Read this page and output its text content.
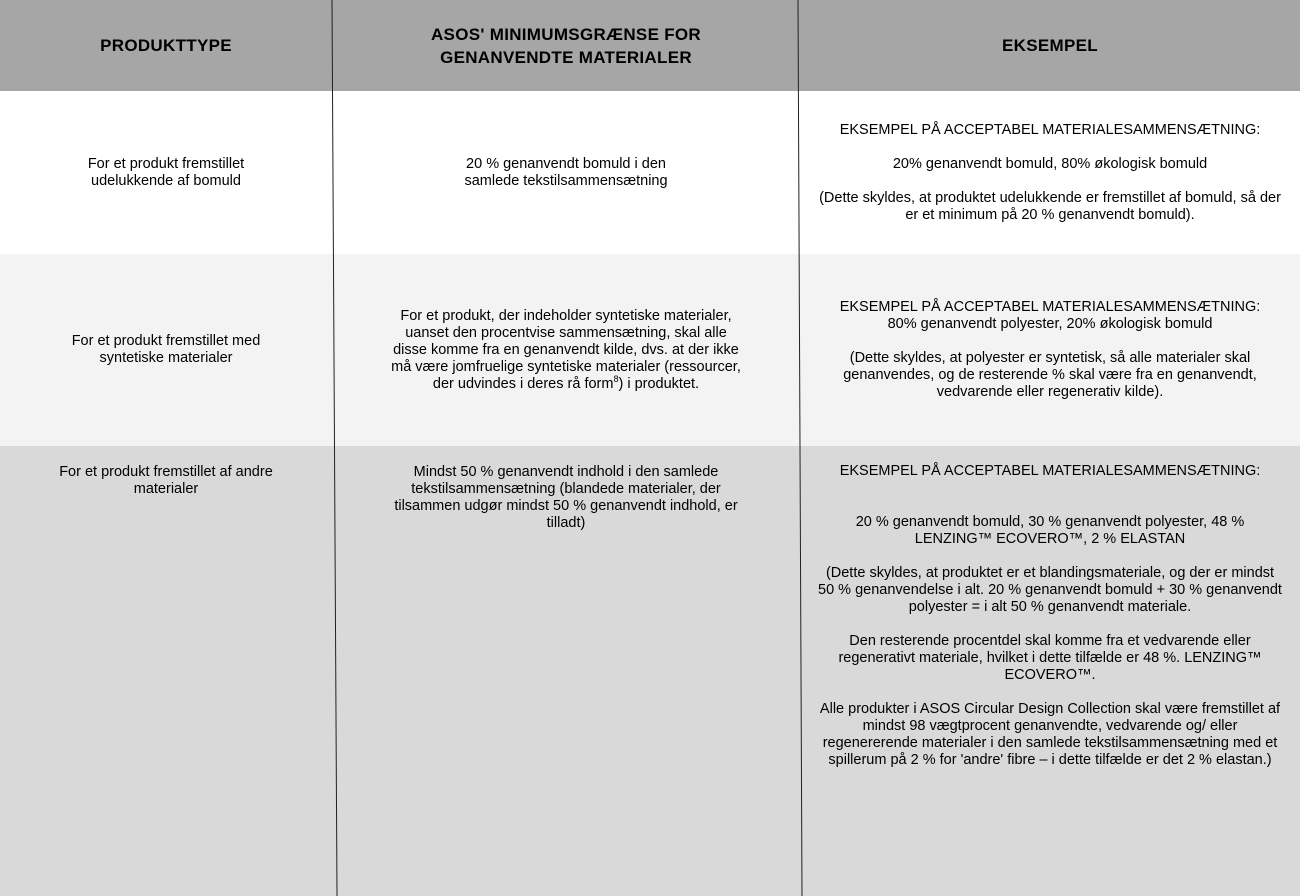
PRODUKTTYPE
ASOS' MINIMUMSGRÆNSE FOR
GENANVENDTE MATERIALER
EKSEMPEL
For et produkt fremstillet udelukkende af bomuld
20 % genanvendt bomuld i den samlede tekstilsammensætning
EKSEMPEL PÅ ACCEPTABEL MATERIALESAMMENSÆTNING:
20% genanvendt bomuld, 80% økologisk bomuld
(Dette skyldes, at produktet udelukkende er fremstillet af bomuld, så der er et minimum på 20 % genanvendt bomuld).
For et produkt fremstillet med syntetiske materialer
For et produkt, der indeholder syntetiske materialer, uanset den procentvise sammensætning, skal alle disse komme fra en genanvendt kilde, dvs. at der ikke må være jomfruelige syntetiske materialer (ressourcer, der udvindes i deres rå form$^8$) i produktet.
EKSEMPEL PÅ ACCEPTABEL MATERIALESAMMENSÆTNING:
80% genanvendt polyester, 20% økologisk bomuld
(Dette skyldes, at polyester er syntetisk, så alle materialer skal genanvendes, og de resterende % skal være fra en genanvendt, vedvarende eller regenerativ kilde).
For et produkt fremstillet af andre materialer
Mindst 50 % genanvendt indhold i den samlede tekstilsammensætning (blandede materialer, der tilsammen udgør mindst 50 % genanvendt indhold, er tilladt)
EKSEMPEL PÅ ACCEPTABEL MATERIALESAMMENSÆTNING:
20 % genanvendt bomuld, 30 % genanvendt polyester, 48 % LENZING™ ECOVERO™, 2 % ELASTAN
(Dette skyldes, at produktet er et blandingsmateriale, og der er mindst 50 % genanvendelse i alt. 20 % genanvendt bomuld + 30 % genanvendt polyester = i alt 50 % genanvendt materiale.
Den resterende procentdel skal komme fra et vedvarende eller regenerativt materiale, hvilket i dette tilfælde er 48 %. LENZING™ ECOVERO™.
Alle produkter i ASOS Circular Design Collection skal være fremstillet af mindst 98 vægtprocent genanvendte, vedvarende og/ eller regenererende materialer i den samlede tekstilsammensætning med et spillerum på 2 % for 'andre' fibre – i dette tilfælde er det 2 % elastan.)
